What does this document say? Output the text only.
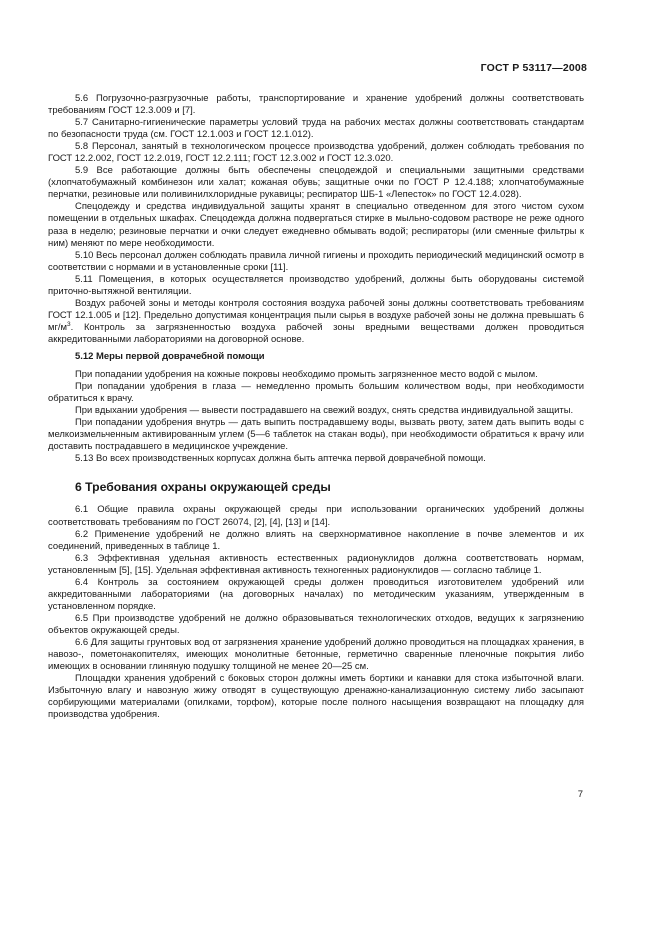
ГОСТ Р 53117—2008

5.6 Погрузочно-разгрузочные работы, транспортирование и хранение удобрений должны соответствовать требованиям ГОСТ 12.3.009 и [7].

5.7 Санитарно-гигиенические параметры условий труда на рабочих местах должны соответствовать стандартам по безопасности труда (см. ГОСТ 12.1.003 и ГОСТ 12.1.012).

5.8 Персонал, занятый в технологическом процессе производства удобрений, должен соблюдать требования по ГОСТ 12.2.002, ГОСТ 12.2.019, ГОСТ 12.2.111; ГОСТ 12.3.002 и ГОСТ 12.3.020.

5.9 Все работающие должны быть обеспечены спецодеждой и специальными защитными средствами (хлопчатобумажный комбинезон или халат; кожаная обувь; защитные очки по ГОСТ Р 12.4.188; хлопчатобумажные перчатки, резиновые или поливинилхлоридные рукавицы; респиратор ШБ-1 «Лепесток» по ГОСТ 12.4.028).

Спецодежду и средства индивидуальной защиты хранят в специально отведенном для этого чистом сухом помещении в отдельных шкафах. Спецодежда должна подвергаться стирке в мыльно-содовом растворе не реже одного раза в неделю; резиновые перчатки и очки следует ежедневно обмывать водой; респираторы (или сменные фильтры к ним) меняют по мере необходимости.

5.10 Весь персонал должен соблюдать правила личной гигиены и проходить периодический медицинский осмотр в соответствии с нормами и в установленные сроки [11].

5.11 Помещения, в которых осуществляется производство удобрений, должны быть оборудованы системой приточно-вытяжной вентиляции.

Воздух рабочей зоны и методы контроля состояния воздуха рабочей зоны должны соответствовать требованиям ГОСТ 12.1.005 и [12]. Предельно допустимая концентрация пыли сырья в воздухе рабочей зоны не должна превышать 6 $мг/м^3$. Контроль за загрязненностью воздуха рабочей зоны вредными веществами должен проводиться аккредитованными лабораториями на договорной основе.

5.12 Меры первой доврачебной помощи

При попадании удобрения на кожные покровы необходимо промыть загрязненное место водой с мылом.

При попадании удобрения в глаза — немедленно промыть большим количеством воды, при необходимости обратиться к врачу.

При вдыхании удобрения — вывести пострадавшего на свежий воздух, снять средства индивидуальной защиты.

При попадании удобрения внутрь — дать выпить пострадавшему воды, вызвать рвоту, затем дать выпить воды с мелкоизмельченным активированным углем (5—6 таблеток на стакан воды), при необходимости обратиться к врачу или доставить пострадавшего в медицинское учреждение.

5.13 Во всех производственных корпусах должна быть аптечка первой доврачебной помощи.

6 Требования охраны окружающей среды

6.1 Общие правила охраны окружающей среды при использовании органических удобрений должны соответствовать требованиям по ГОСТ 26074, [2], [4], [13] и [14].

6.2 Применение удобрений не должно влиять на сверхнормативное накопление в почве элементов и их соединений, приведенных в таблице 1.

6.3 Эффективная удельная активность естественных радионуклидов должна соответствовать нормам, установленным [5], [15]. Удельная эффективная активность техногенных радионуклидов — согласно таблице 1.

6.4 Контроль за состоянием окружающей среды должен проводиться изготовителем удобрений или аккредитованными лабораториями (на договорных началах) по методическим указаниям, утвержденным в установленном порядке.

6.5 При производстве удобрений не должно образовываться технологических отходов, ведущих к загрязнению объектов окружающей среды.

6.6 Для защиты грунтовых вод от загрязнения хранение удобрений должно проводиться на площадках хранения, в навозо-, пометонакопителях, имеющих монолитные бетонные, герметично сваренные пленочные покрытия либо имеющих в основании глиняную подушку толщиной не менее 20—25 см.

Площадки хранения удобрений с боковых сторон должны иметь бортики и канавки для стока избыточной влаги. Избыточную влагу и навозную жижу отводят в существующую дренажно-канализационную систему либо засыпают сорбирующими материалами (опилками, торфом), которые после полного насыщения возвращают на площадку для производства удобрения.

7
